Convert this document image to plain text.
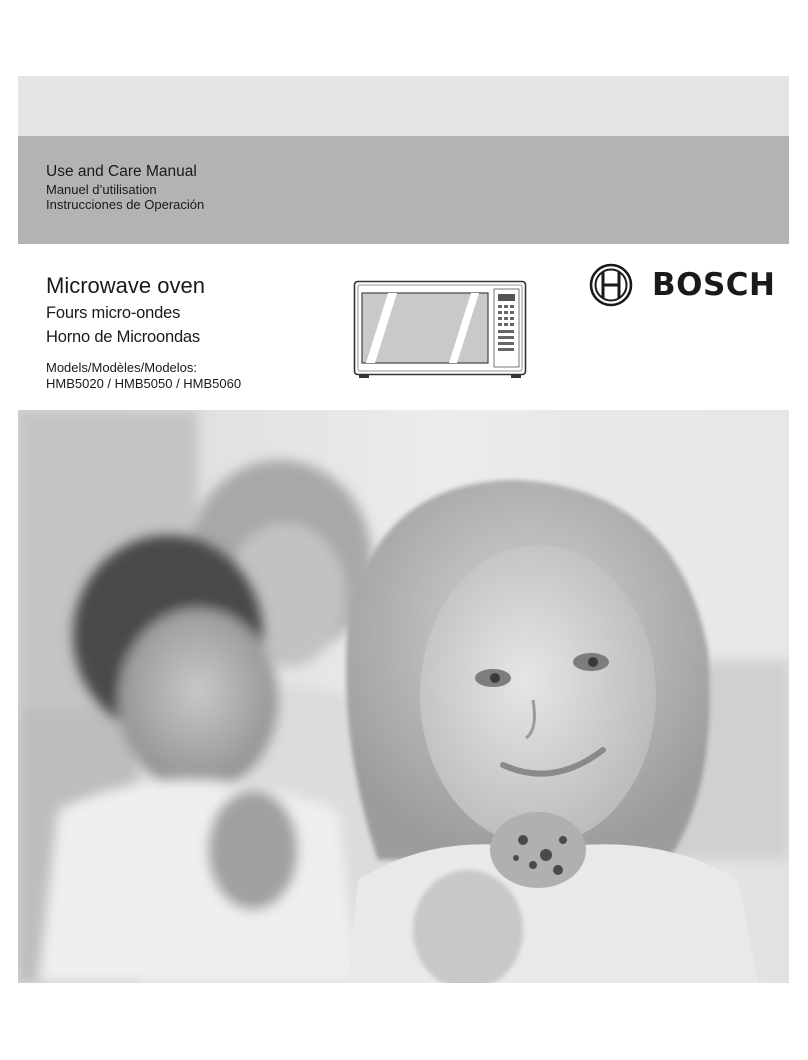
Use and Care Manual
Manuel d’utilisation
Instrucciones de Operación
Microwave oven
Fours micro-ondes
Horno de Microondas
Models/Modèles/Modelos:
HMB5020 / HMB5050 / HMB5060
BOSCH
